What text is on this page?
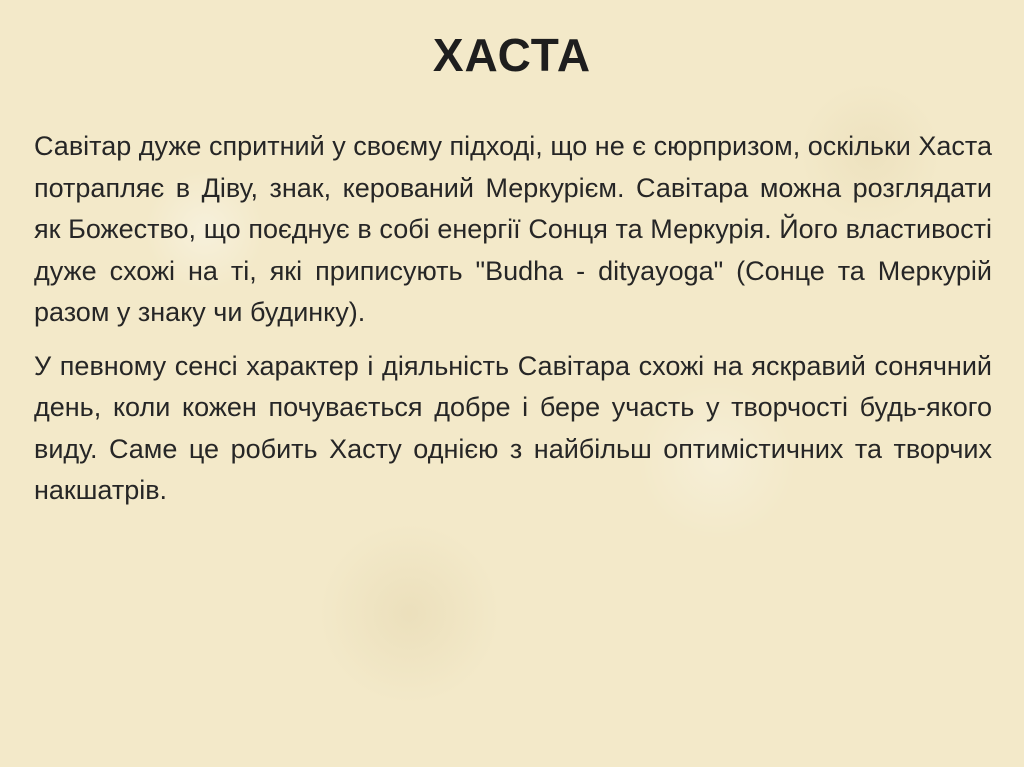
ХАСТА

Савітар дуже спритний у своєму підході, що не є сюрпризом, оскільки Хаста потрапляє в Діву, знак, керований Меркурієм. Савітара можна розглядати як Божество, що поєднує в собі енергії Сонця та Меркурія. Його властивості дуже схожі на ті, які приписують "Budha - dityayoga" (Сонце та Меркурій разом у знаку чи будинку).

У певному сенсі характер і діяльність Савітара схожі на яскравий сонячний день, коли кожен почувається добре і бере участь у творчості будь-якого виду. Саме це робить Хасту однією з найбільш оптимістичних та творчих накшатрів.
